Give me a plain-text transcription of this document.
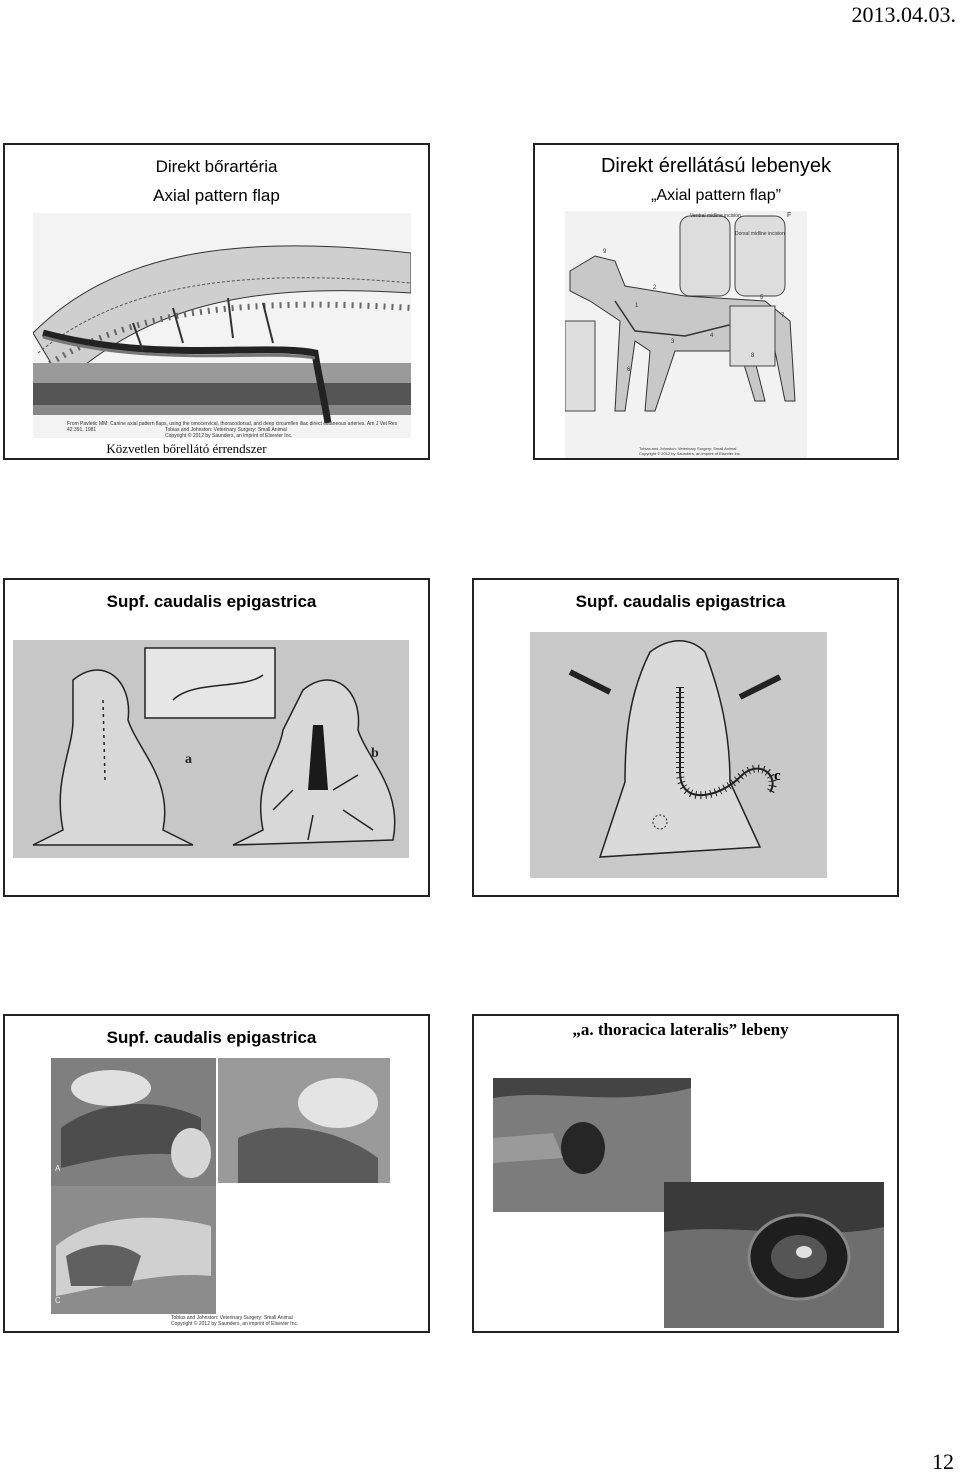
2013.04.03.
Direkt bőrartéria
Axial pattern flap
From Pavletic MM: Canine axial pattern flaps, using the omocervical, thoracodorsal, and deep circumflex iliac direct cutaneous arteries. Am J Vet Res 42:391, 1981	Tobias and Johnston: Veterinary Surgery: Small Animal
Copyright © 2012 by Saunders, an imprint of Elsevier Inc.
Közvetlen bőrellátó érrendszer
Direkt érellátású lebenyek
„Axial pattern flap”
Ventral midline incision
Dorsal midline incision
F
9
2
1
3
4
5
6
7
8
Tobias and Johnston: Veterinary Surgery: Small Animal
Copyright © 2012 by Saunders, an imprint of Elsevier Inc.
Supf. caudalis epigastrica
a	b
Supf. caudalis epigastrica
c
Supf. caudalis epigastrica
A
C
Tobias and Johnston: Veterinary Surgery: Small Animal
Copyright © 2012 by Saunders, an imprint of Elsevier Inc.
„a. thoracica lateralis” lebeny
12
